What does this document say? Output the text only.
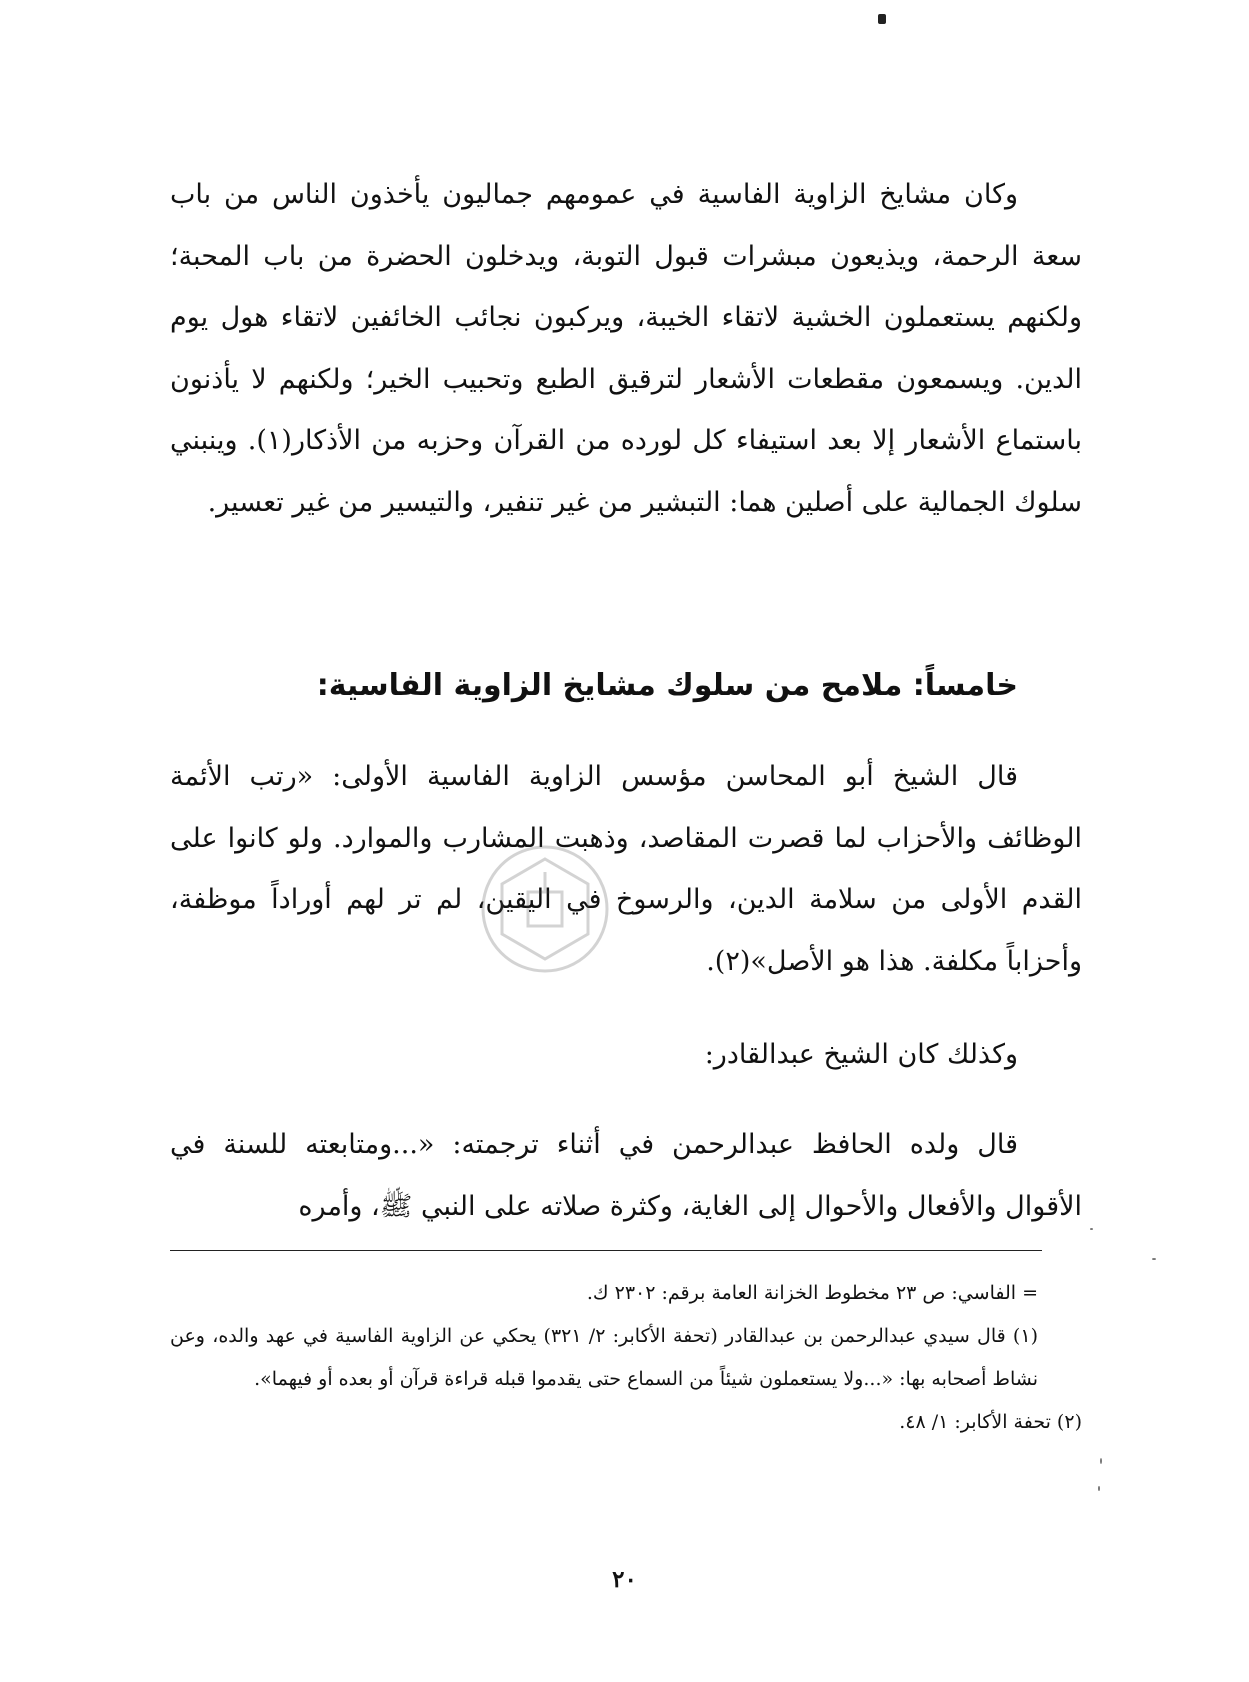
وكان مشايخ الزاوية الفاسية في عمومهم جماليون يأخذون الناس من باب سعة الرحمة، ويذيعون مبشرات قبول التوبة، ويدخلون الحضرة من باب المحبة؛ ولكنهم يستعملون الخشية لاتقاء الخيبة، ويركبون نجائب الخائفين لاتقاء هول يوم الدين. ويسمعون مقطعات الأشعار لترقيق الطبع وتحبيب الخير؛ ولكنهم لا يأذنون باستماع الأشعار إلا بعد استيفاء كل لورده من القرآن وحزبه من الأذكار(١). وينبني سلوك الجمالية على أصلين هما: التبشير من غير تنفير، والتيسير من غير تعسير.

خامساً: ملامح من سلوك مشايخ الزاوية الفاسية:

قال الشيخ أبو المحاسن مؤسس الزاوية الفاسية الأولى: «رتب الأئمة الوظائف والأحزاب لما قصرت المقاصد، وذهبت المشارب والموارد. ولو كانوا على القدم الأولى من سلامة الدين، والرسوخ في اليقين، لم تر لهم أوراداً موظفة، وأحزاباً مكلفة. هذا هو الأصل»(٢).

وكذلك كان الشيخ عبدالقادر:

قال ولده الحافظ عبدالرحمن في أثناء ترجمته: «...ومتابعته للسنة في الأقوال والأفعال والأحوال إلى الغاية، وكثرة صلاته على النبي ﷺ، وأمره

= الفاسي: ص ٢٣ مخطوط الخزانة العامة برقم: ٢٣٠٢ ك.

(١) قال سيدي عبدالرحمن بن عبدالقادر (تحفة الأكابر: ٢/ ٣٢١) يحكي عن الزاوية الفاسية في عهد والده، وعن نشاط أصحابه بها: «...ولا يستعملون شيئاً من السماع حتى يقدموا قبله قراءة قرآن أو بعده أو فيهما».

(٢) تحفة الأكابر: ١/ ٤٨.

٢٠
